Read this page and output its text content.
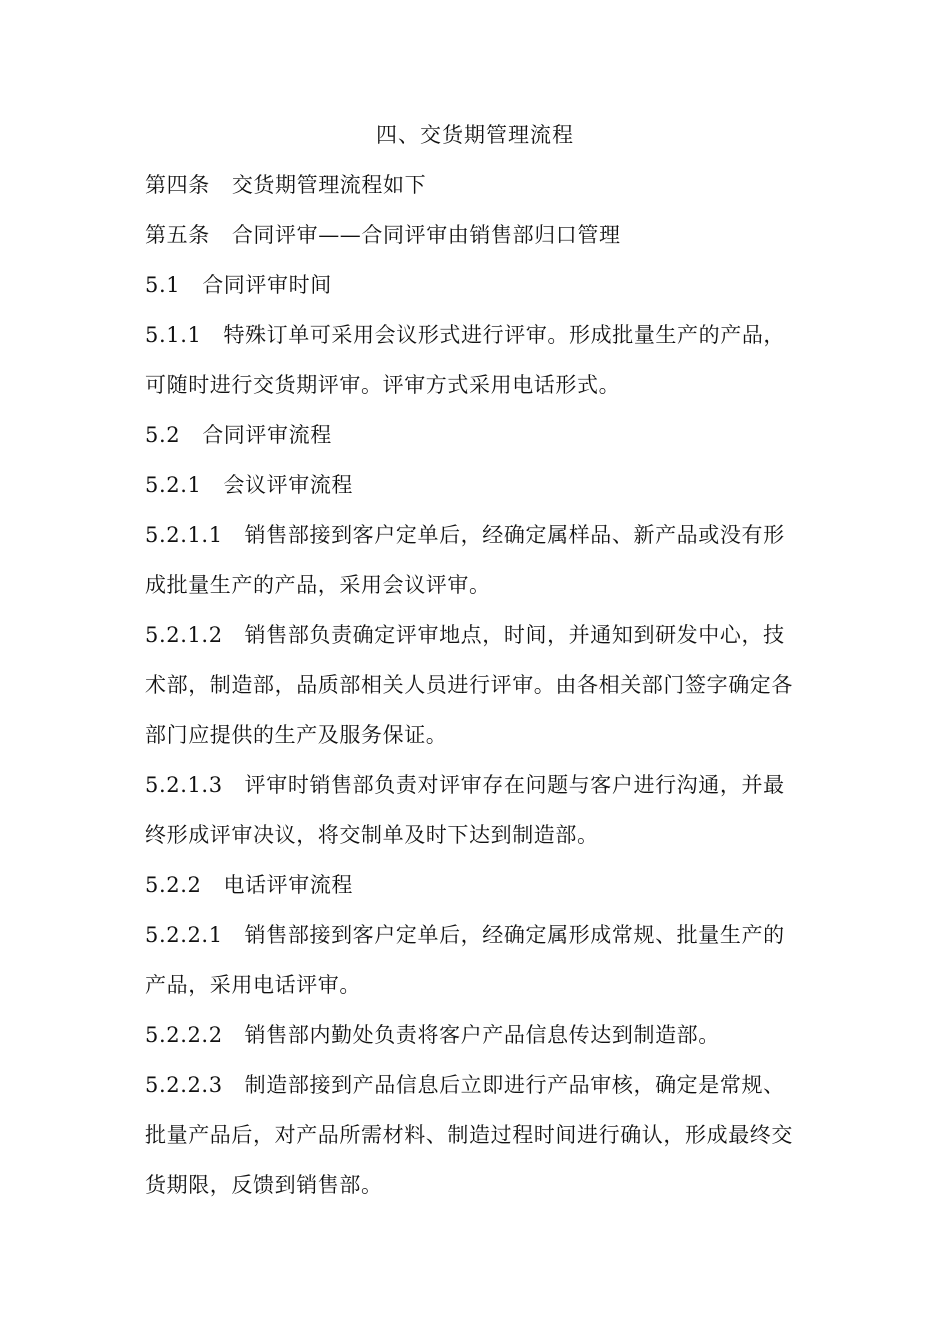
四、交货期管理流程
第四条 交货期管理流程如下
第五条 合同评审——合同评审由销售部归口管理
5.1 合同评审时间
5.1.1 特殊订单可采用会议形式进行评审。形成批量生产的产品，
可随时进行交货期评审。评审方式采用电话形式。
5.2 合同评审流程
5.2.1 会议评审流程
5.2.1.1 销售部接到客户定单后，经确定属样品、新产品或没有形
成批量生产的产品，采用会议评审。
5.2.1.2 销售部负责确定评审地点，时间，并通知到研发中心，技
术部，制造部，品质部相关人员进行评审。由各相关部门签字确定各
部门应提供的生产及服务保证。
5.2.1.3 评审时销售部负责对评审存在问题与客户进行沟通，并最
终形成评审决议，将交制单及时下达到制造部。
5.2.2 电话评审流程
5.2.2.1 销售部接到客户定单后，经确定属形成常规、批量生产的
产品，采用电话评审。
5.2.2.2 销售部内勤处负责将客户产品信息传达到制造部。
5.2.2.3 制造部接到产品信息后立即进行产品审核，确定是常规、
批量产品后，对产品所需材料、制造过程时间进行确认，形成最终交
货期限，反馈到销售部。
